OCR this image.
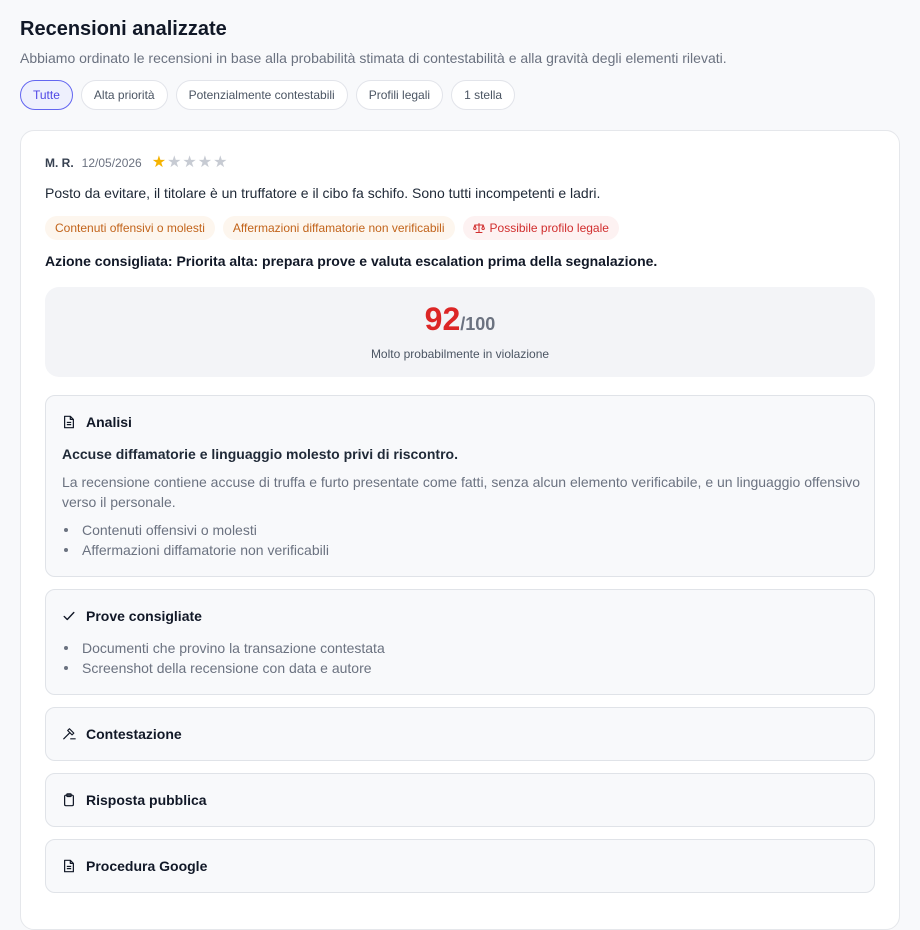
Recensioni analizzate

Abbiamo ordinato le recensioni in base alla probabilità stimata di contestabilità e alla gravità degli elementi rilevati.

Tutte	Alta priorità	Potenzialmente contestabili	Profili legali	1 stella
M. R. 12/05/2026 ★ ★ ★ ★ ★

Posto da evitare, il titolare è un truffatore e il cibo fa schifo. Sono tutti incompetenti e ladri.

Contenuti offensivi o molesti Affermazioni diffamatorie non verificabili	Possibile profilo legale

Azione consigliata: Priorita alta: prepara prove e valuta escalation prima della segnalazione.

92/100
Molto probabilmente in violazione
Analisi

Accuse diffamatorie e linguaggio molesto privi di riscontro.

La recensione contiene accuse di truffa e furto presentate come fatti, senza alcun elemento verificabile, e un linguaggio offensivo verso il personale.

Contenuti offensivi o molesti
Affermazioni diffamatorie non verificabili
Prove consigliate
Documenti che provino la transazione contestata
Screenshot della recensione con data e autore
Contestazione
Risposta pubblica
Procedura Google
